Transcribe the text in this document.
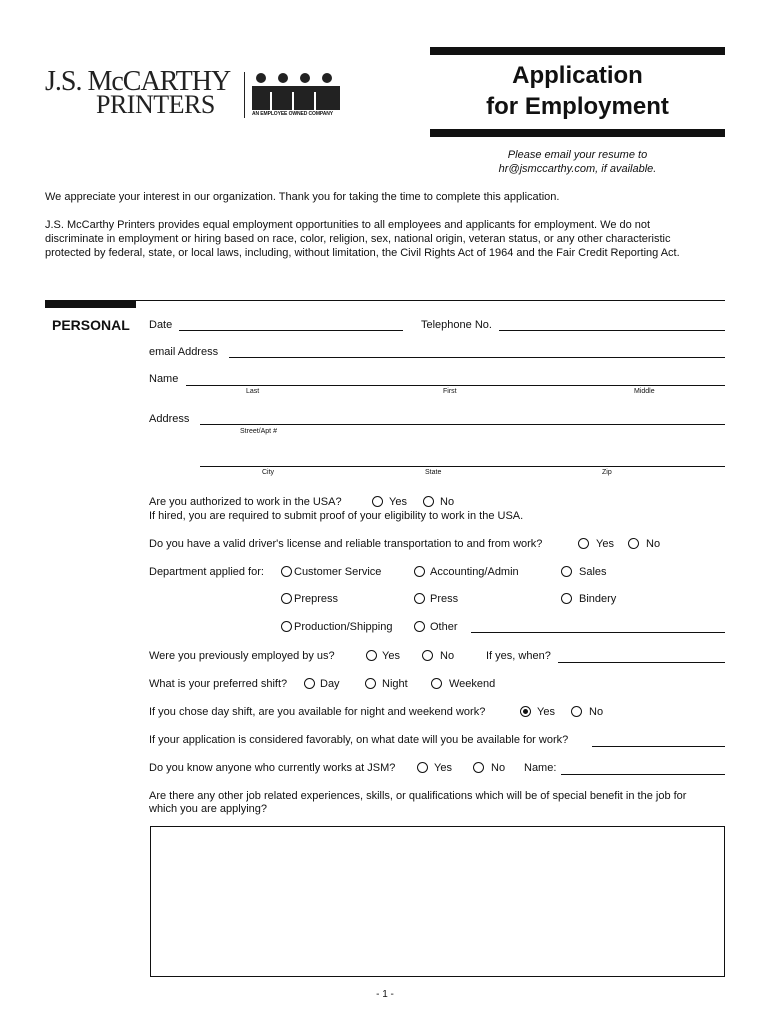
J.S. McCARTHY
PRINTERS	AN EMPLOYEE OWNED COMPANY
Application
for Employment
Please email your resume to
hr@jsmccarthy.com, if available.
We appreciate your interest in our organization. Thank you for taking the time to complete this application.
J.S. McCarthy Printers provides equal employment opportunities to all employees and applicants for employment. We do not
discriminate in employment or hiring based on race, color, religion, sex, national origin, veteran status, or any other characteristic
protected by federal, state, or local laws, including, without limitation, the Civil Rights Act of 1964 and the Fair Credit Reporting Act.
PERSONAL Date	Telephone No.
email Address
Name
Last	First	Middle
Address
Street/Apt #
City	State	Zip
Are you authorized to work in the USA?	Yes	No
If hired, you are required to submit proof of your eligibility to work in the USA.
Do you have a valid driver's license and reliable transportation to and from work?	Yes	No
Department applied for:	Customer Service	Accounting/Admin	Sales
Prepress	Press	Bindery
Production/Shipping	Other
Were you previously employed by us?	Yes	No	If yes, when?
What is your preferred shift?	Day	Night	Weekend
If you chose day shift, are you available for night and weekend work?	Yes	No
If your application is considered favorably, on what date will you be available for work?
Do you know anyone who currently works at JSM?	Yes	No Name:
Are there any other job related experiences, skills, or qualifications which will be of special benefit in the job for
which you are applying?
- 1 -
